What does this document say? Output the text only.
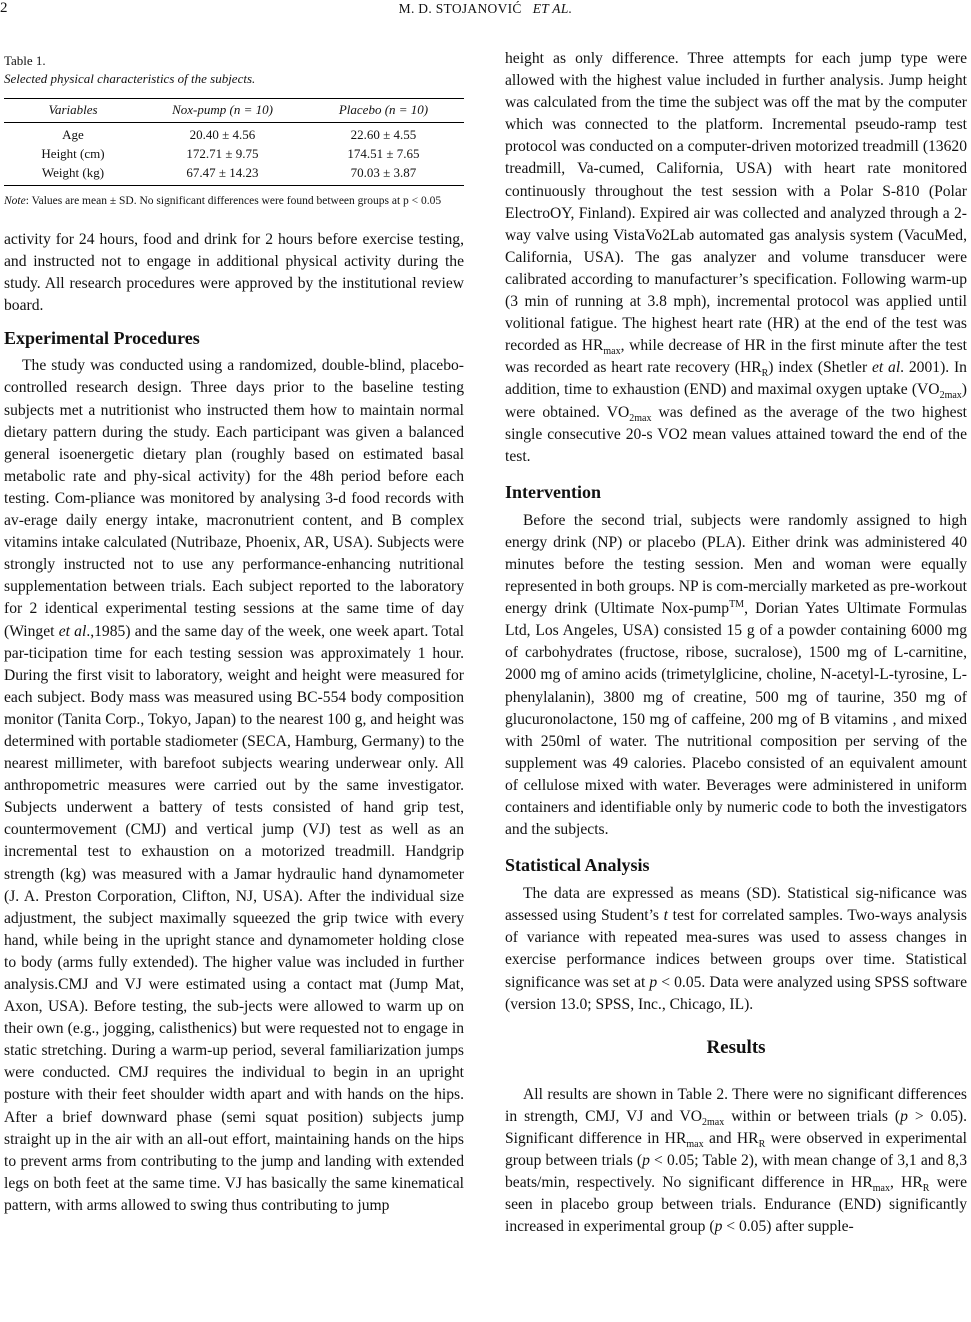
2	M. D. STOJANOVIĆ ET AL.
Table 1.
Selected physical characteristics of the subjects.
Variables	Nox-pump (n = 10)	Placebo (n = 10)
Age	20.40 ± 4.56	22.60 ± 4.55
Height (cm)	172.71 ± 9.75	174.51 ± 7.65
Weight (kg)	67.47 ± 14.23	70.03 ± 3.87
Note: Values are mean ± SD. No significant differences were found between groups at p < 0.05

activity for 24 hours, food and drink for 2 hours before exercise testing, and instructed not to engage in additional physical activity during the study. All research procedures were approved by the institutional review board.

Experimental Procedures

The study was conducted using a randomized, double-blind, placebo-controlled research design. Three days prior to the baseline testing subjects met a nutritionist who instructed them how to maintain normal dietary pattern during the study. Each participant was given a balanced general isoenergetic dietary plan (roughly based on estimated basal metabolic rate and phy-sical activity) for the 48h period before each testing. Com-pliance was monitored by analysing 3-d food records with av-erage daily energy intake, macronutrient content, and B complex vitamins intake calculated (Nutribaze, Phoenix, AR, USA). Subjects were strongly instructed not to use any performance-enhancing nutritional supplementation between trials. Each subject reported to the laboratory for 2 identical experimental testing sessions at the same time of day (Winget et al.,1985) and the same day of the week, one week apart. Total par-ticipation time for each testing session was approximately 1 hour. During the first visit to laboratory, weight and height were measured for each subject. Body mass was measured using BC-554 body composition monitor (Tanita Corp., Tokyo, Japan) to the nearest 100 g, and height was determined with portable stadiometer (SECA, Hamburg, Germany) to the nearest millimeter, with barefoot subjects wearing underwear only. All anthropometric measures were carried out by the same investigator. Subjects underwent a battery of tests consisted of hand grip test, countermovement (CMJ) and vertical jump (VJ) test as well as an incremental test to exhaustion on a motorized treadmill. Handgrip strength (kg) was measured with a Jamar hydraulic hand dynamometer (J. A. Preston Corporation, Clifton, NJ, USA). After the individual size adjustment, the subject maximally squeezed the grip twice with every hand, while being in the upright stance and dynamometer holding close to body (arms fully extended). The higher value was included in further analysis.CMJ and VJ were estimated using a contact mat (Jump Mat, Axon, USA). Before testing, the sub-jects were allowed to warm up on their own (e.g., jogging, calisthenics) but were requested not to engage in static stretching. During a warm-up period, several familiarization jumps were conducted. CMJ requires the individual to begin in an upright posture with their feet shoulder width apart and with hands on the hips. After a brief downward phase (semi squat position) subjects jump straight up in the air with an all-out effort, maintaining hands on the hips to prevent arms from contributing to the jump and landing with extended legs on both feet at the same time. VJ has basically the same kinematical pattern, with arms allowed to swing thus contributing to jump

height as only difference. Three attempts for each jump type were allowed with the highest value included in further analysis. Jump height was calculated from the time the subject was off the mat by the computer which was connected to the platform. Incremental pseudo-ramp test protocol was conducted on a computer-driven motorized treadmill (13620 treadmill, Va-cumed, California, USA) with heart rate monitored continuously throughout the test session with a Polar S-810 (Polar ElectroOY, Finland). Expired air was collected and analyzed through a 2-way valve using VistaVo2Lab automated gas analysis system (VacuMed, California, USA). The gas analyzer and volume transducer were calibrated according to manufacturer’s specification. Following warm-up (3 min of running at 3.8 mph), incremental protocol was applied until volitional fatigue. The highest heart rate (HR) at the end of the test was recorded as $HR_{max}$, while decrease of HR in the first minute after the test was recorded as heart rate recovery $(HR_R)$ index (Shetler et al. 2001). In addition, time to exhaustion (END) and maximal oxygen uptake $(VO_{2max})$ were obtained. $VO_{2max}$ was defined as the average of the two highest single consecutive 20-s VO2 mean values attained toward the end of the test.

Intervention

Before the second trial, subjects were randomly assigned to high energy drink (NP) or placebo (PLA). Either drink was administered 40 minutes before the testing session. Men and woman were equally represented in both groups. NP is com-mercially marketed as pre-workout energy drink (Ultimate Nox-pump™, Dorian Yates Ultimate Formulas Ltd, Los Angeles, USA) consisted 15 g of a powder containing 6000 mg of carbohydrates (fructose, ribose, sucralose), 1500 mg of L-carnitine, 2000 mg of amino acids (trimetylglicine, choline, N-acetyl-L-tyrosine, L-phenylalanin), 3800 mg of creatine, 500 mg of taurine, 350 mg of glucuronolactone, 150 mg of caffeine, 200 mg of B vitamins , and mixed with 250ml of water. The nutritional composition per serving of the supplement was 49 calories. Placebo consisted of an equivalent amount of cellulose mixed with water. Beverages were administered in uniform containers and identifiable only by numeric code to both the investigators and the subjects.

Statistical Analysis

The data are expressed as means (SD). Statistical sig-nificance was assessed using Student’s t test for correlated samples. Two-ways analysis of variance with repeated mea-sures was used to assess changes in exercise performance indices between groups over time. Statistical significance was set at p < 0.05. Data were analyzed using SPSS software (version 13.0; SPSS, Inc., Chicago, IL).

Results

All results are shown in Table 2. There were no significant differences in strength, CMJ, VJ and $VO_{2max}$ within or between trials (p > 0.05). Significant difference in $HR_{max}$ and $HR_R$ were observed in experimental group between trials (p < 0.05; Table 2), with mean change of 3,1 and 8,3 beats/min, respectively. No significant difference in $HR_{max}$, $HR_R$ were seen in placebo group between trials. Endurance (END) significantly increased in experimental group (p < 0.05) after supple-
